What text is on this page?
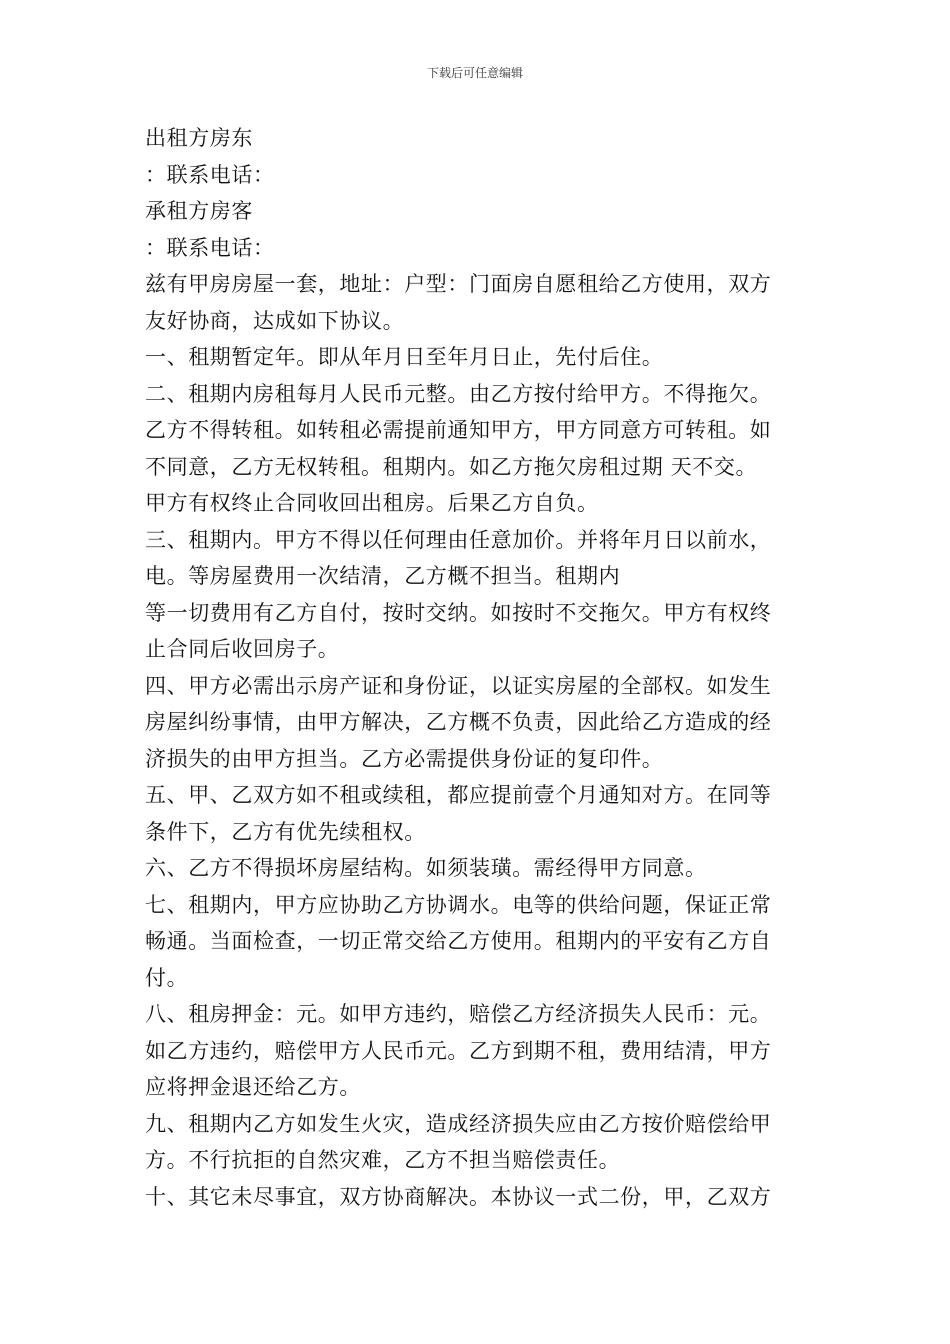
下载后可任意编辑
出租方房东
：联系电话：
承租方房客
：联系电话：
兹有甲房房屋一套，地址：户型：门面房自愿租给乙方使用，双方
友好协商，达成如下协议。
一、租期暂定年。即从年月日至年月日止，先付后住。
二、租期内房租每月人民币元整。由乙方按付给甲方。不得拖欠。
乙方不得转租。如转租必需提前通知甲方，甲方同意方可转租。如
不同意，乙方无权转租。租期内。如乙方拖欠房租过期 天不交。
甲方有权终止合同收回出租房。后果乙方自负。
三、租期内。甲方不得以任何理由任意加价。并将年月日以前水，
电。等房屋费用一次结清，乙方概不担当。租期内
等一切费用有乙方自付，按时交纳。如按时不交拖欠。甲方有权终
止合同后收回房子。
四、甲方必需出示房产证和身份证，以证实房屋的全部权。如发生
房屋纠纷事情，由甲方解决，乙方概不负责，因此给乙方造成的经
济损失的由甲方担当。乙方必需提供身份证的复印件。
五、甲、乙双方如不租或续租，都应提前壹个月通知对方。在同等
条件下，乙方有优先续租权。
六、乙方不得损坏房屋结构。如须装璜。需经得甲方同意。
七、租期内，甲方应协助乙方协调水。电等的供给问题，保证正常
畅通。当面检查，一切正常交给乙方使用。租期内的平安有乙方自
付。
八、租房押金：元。如甲方违约，赔偿乙方经济损失人民币：元。
如乙方违约，赔偿甲方人民币元。乙方到期不租，费用结清，甲方
应将押金退还给乙方。
九、租期内乙方如发生火灾，造成经济损失应由乙方按价赔偿给甲
方。不行抗拒的自然灾难，乙方不担当赔偿责任。
十、其它未尽事宜，双方协商解决。本协议一式二份，甲，乙双方
